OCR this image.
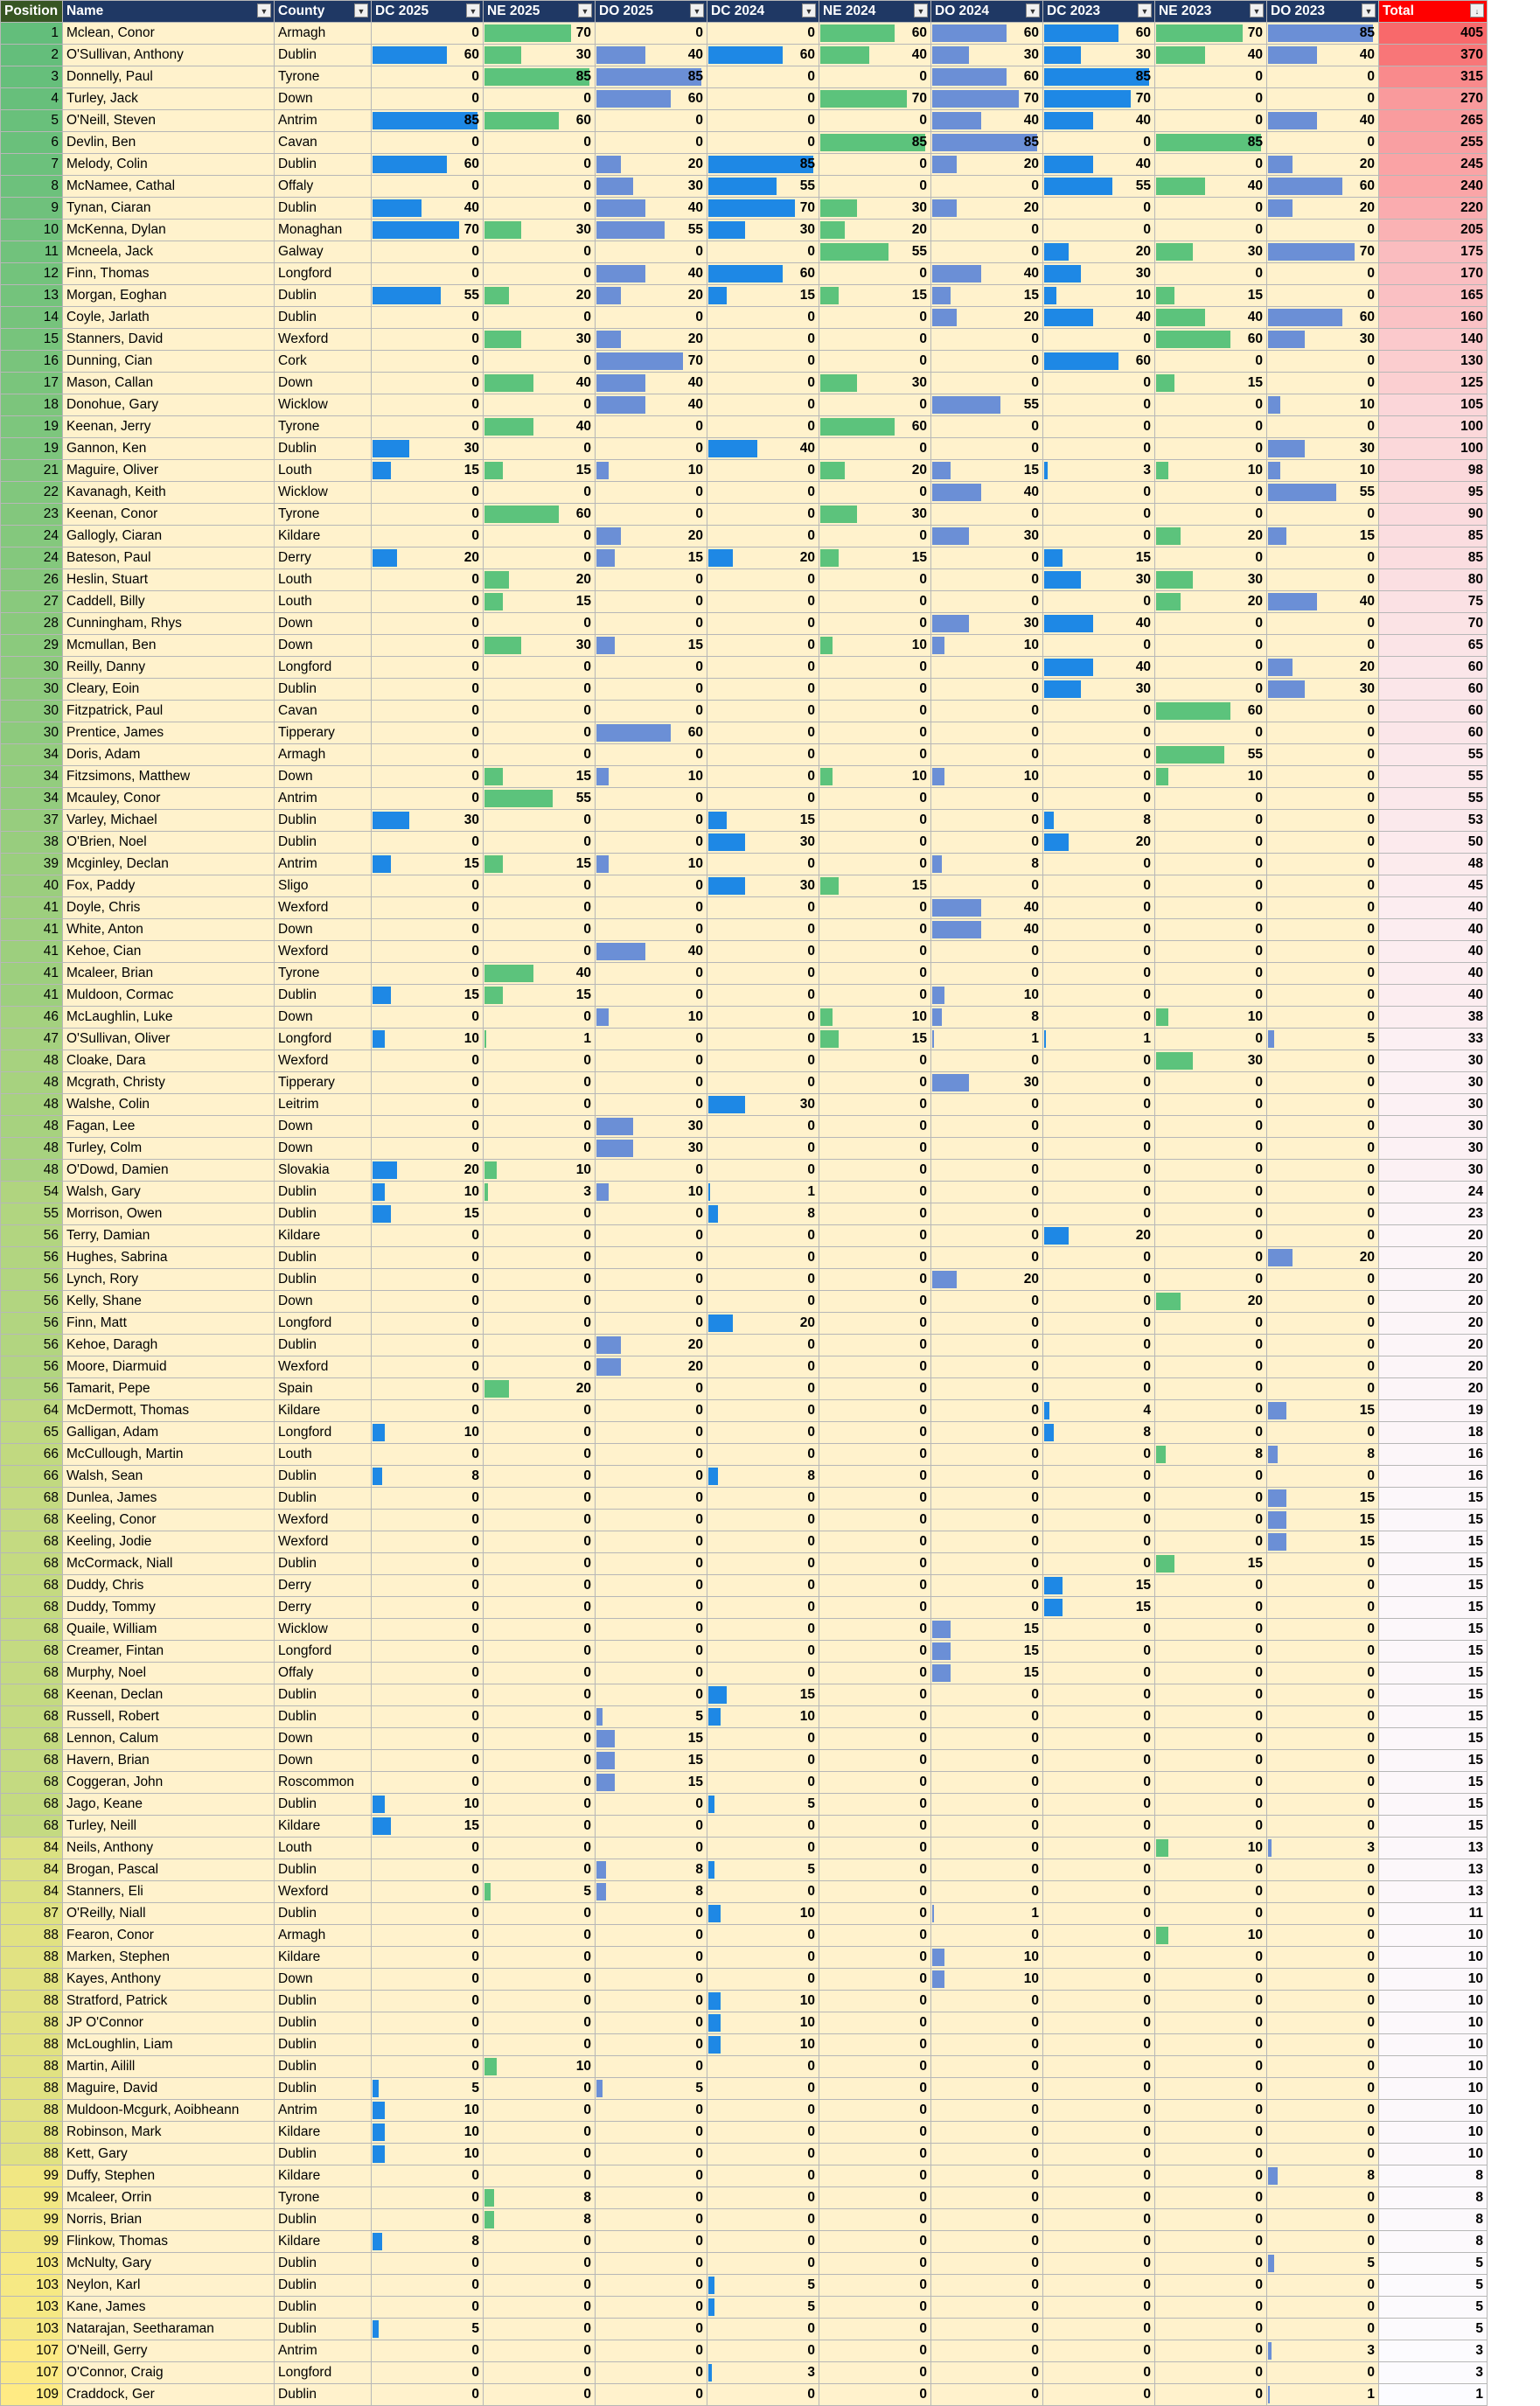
Position	Name ▼	County ▼	DC 2025 ▼	NE 2025 ▼	DO 2025 ▼	DC 2024 ▼	NE 2024 ▼	DO 2024 ▼	DC 2023 ▼	NE 2023 ▼	DO 2023 ▼	Total ↓

1	Mclean, Conor	Armagh	0	70	0	0	60	60	60	70	85	405
2	O'Sullivan, Anthony	Dublin	60	30	40	60	40	30	30	40	40	370
3	Donnelly, Paul	Tyrone	0	85	85	0	0	60	85	0	0	315
4	Turley, Jack	Down	0	0	60	0	70	70	70	0	0	270
5	O'Neill, Steven	Antrim	85	60	0	0	0	40	40	0	40	265
6	Devlin, Ben	Cavan	0	0	0	0	85	85	0	85	0	255
7	Melody, Colin	Dublin	60	0	20	85	0	20	40	0	20	245
8	McNamee, Cathal	Offaly	0	0	30	55	0	0	55	40	60	240
9	Tynan, Ciaran	Dublin	40	0	40	70	30	20	0	0	20	220
10	McKenna, Dylan	Monaghan	70	30	55	30	20	0	0	0	0	205
11	Mcneela, Jack	Galway	0	0	0	0	55	0	20	30	70	175
12	Finn, Thomas	Longford	0	0	40	60	0	40	30	0	0	170
13	Morgan, Eoghan	Dublin	55	20	20	15	15	15	10	15	0	165
14	Coyle, Jarlath	Dublin	0	0	0	0	0	20	40	40	60	160
15	Stanners, David	Wexford	0	30	20	0	0	0	0	60	30	140
16	Dunning, Cian	Cork	0	0	70	0	0	0	60	0	0	130
17	Mason, Callan	Down	0	40	40	0	30	0	0	15	0	125
18	Donohue, Gary	Wicklow	0	0	40	0	0	55	0	0	10	105
19	Keenan, Jerry	Tyrone	0	40	0	0	60	0	0	0	0	100
19	Gannon, Ken	Dublin	30	0	0	40	0	0	0	0	30	100
21	Maguire, Oliver	Louth	15	15	10	0	20	15	3	10	10	98
22	Kavanagh, Keith	Wicklow	0	0	0	0	0	40	0	0	55	95
23	Keenan, Conor	Tyrone	0	60	0	0	30	0	0	0	0	90
24	Gallogly, Ciaran	Kildare	0	0	20	0	0	30	0	20	15	85
24	Bateson, Paul	Derry	20	0	15	20	15	0	15	0	0	85
26	Heslin, Stuart	Louth	0	20	0	0	0	0	30	30	0	80
27	Caddell, Billy	Louth	0	15	0	0	0	0	0	20	40	75
28	Cunningham, Rhys	Down	0	0	0	0	0	30	40	0	0	70
29	Mcmullan, Ben	Down	0	30	15	0	10	10	0	0	0	65
30	Reilly, Danny	Longford	0	0	0	0	0	0	40	0	20	60
30	Cleary, Eoin	Dublin	0	0	0	0	0	0	30	0	30	60
30	Fitzpatrick, Paul	Cavan	0	0	0	0	0	0	0	60	0	60
30	Prentice, James	Tipperary	0	0	60	0	0	0	0	0	0	60
34	Doris, Adam	Armagh	0	0	0	0	0	0	0	55	0	55
34	Fitzsimons, Matthew	Down	0	15	10	0	10	10	0	10	0	55
34	Mcauley, Conor	Antrim	0	55	0	0	0	0	0	0	0	55
37	Varley, Michael	Dublin	30	0	0	15	0	0	8	0	0	53
38	O'Brien, Noel	Dublin	0	0	0	30	0	0	20	0	0	50
39	Mcginley, Declan	Antrim	15	15	10	0	0	8	0	0	0	48
40	Fox, Paddy	Sligo	0	0	0	30	15	0	0	0	0	45
41	Doyle, Chris	Wexford	0	0	0	0	0	40	0	0	0	40
41	White, Anton	Down	0	0	0	0	0	40	0	0	0	40
41	Kehoe, Cian	Wexford	0	0	40	0	0	0	0	0	0	40
41	Mcaleer, Brian	Tyrone	0	40	0	0	0	0	0	0	0	40
41	Muldoon, Cormac	Dublin	15	15	0	0	0	10	0	0	0	40
46	McLaughlin, Luke	Down	0	0	10	0	10	8	0	10	0	38
47	O'Sullivan, Oliver	Longford	10	1	0	0	15	1	1	0	5	33
48	Cloake, Dara	Wexford	0	0	0	0	0	0	0	30	0	30
48	Mcgrath, Christy	Tipperary	0	0	0	0	0	30	0	0	0	30
48	Walshe, Colin	Leitrim	0	0	0	30	0	0	0	0	0	30
48	Fagan, Lee	Down	0	0	30	0	0	0	0	0	0	30
48	Turley, Colm	Down	0	0	30	0	0	0	0	0	0	30
48	O'Dowd, Damien	Slovakia	20	10	0	0	0	0	0	0	0	30
54	Walsh, Gary	Dublin	10	3	10	1	0	0	0	0	0	24
55	Morrison, Owen	Dublin	15	0	0	8	0	0	0	0	0	23
56	Terry, Damian	Kildare	0	0	0	0	0	0	20	0	0	20
56	Hughes, Sabrina	Dublin	0	0	0	0	0	0	0	0	20	20
56	Lynch, Rory	Dublin	0	0	0	0	0	20	0	0	0	20
56	Kelly, Shane	Down	0	0	0	0	0	0	0	20	0	20
56	Finn, Matt	Longford	0	0	0	20	0	0	0	0	0	20
56	Kehoe, Daragh	Dublin	0	0	20	0	0	0	0	0	0	20
56	Moore, Diarmuid	Wexford	0	0	20	0	0	0	0	0	0	20
56	Tamarit, Pepe	Spain	0	20	0	0	0	0	0	0	0	20
64	McDermott, Thomas	Kildare	0	0	0	0	0	0	4	0	15	19
65	Galligan, Adam	Longford	10	0	0	0	0	0	8	0	0	18
66	McCullough, Martin	Louth	0	0	0	0	0	0	0	8	8	16
66	Walsh, Sean	Dublin	8	0	0	8	0	0	0	0	0	16
68	Dunlea, James	Dublin	0	0	0	0	0	0	0	0	15	15
68	Keeling, Conor	Wexford	0	0	0	0	0	0	0	0	15	15
68	Keeling, Jodie	Wexford	0	0	0	0	0	0	0	0	15	15
68	McCormack, Niall	Dublin	0	0	0	0	0	0	0	15	0	15
68	Duddy, Chris	Derry	0	0	0	0	0	0	15	0	0	15
68	Duddy, Tommy	Derry	0	0	0	0	0	0	15	0	0	15
68	Quaile, William	Wicklow	0	0	0	0	0	15	0	0	0	15
68	Creamer, Fintan	Longford	0	0	0	0	0	15	0	0	0	15
68	Murphy, Noel	Offaly	0	0	0	0	0	15	0	0	0	15
68	Keenan, Declan	Dublin	0	0	0	15	0	0	0	0	0	15
68	Russell, Robert	Dublin	0	0	5	10	0	0	0	0	0	15
68	Lennon, Calum	Down	0	0	15	0	0	0	0	0	0	15
68	Havern, Brian	Down	0	0	15	0	0	0	0	0	0	15
68	Coggeran, John	Roscommon	0	0	15	0	0	0	0	0	0	15
68	Jago, Keane	Dublin	10	0	0	5	0	0	0	0	0	15
68	Turley, Neill	Kildare	15	0	0	0	0	0	0	0	0	15
84	Neils, Anthony	Louth	0	0	0	0	0	0	0	10	3	13
84	Brogan, Pascal	Dublin	0	0	8	5	0	0	0	0	0	13
84	Stanners, Eli	Wexford	0	5	8	0	0	0	0	0	0	13
87	O'Reilly, Niall	Dublin	0	0	0	10	0	1	0	0	0	11
88	Fearon, Conor	Armagh	0	0	0	0	0	0	0	10	0	10
88	Marken, Stephen	Kildare	0	0	0	0	0	10	0	0	0	10
88	Kayes, Anthony	Down	0	0	0	0	0	10	0	0	0	10
88	Stratford, Patrick	Dublin	0	0	0	10	0	0	0	0	0	10
88	JP O'Connor	Dublin	0	0	0	10	0	0	0	0	0	10
88	McLoughlin, Liam	Dublin	0	0	0	10	0	0	0	0	0	10
88	Martin, Ailill	Dublin	0	10	0	0	0	0	0	0	0	10
88	Maguire, David	Dublin	5	0	5	0	0	0	0	0	0	10
88	Muldoon-Mcgurk, Aoibheann	Antrim	10	0	0	0	0	0	0	0	0	10
88	Robinson, Mark	Kildare	10	0	0	0	0	0	0	0	0	10
88	Kett, Gary	Dublin	10	0	0	0	0	0	0	0	0	10
99	Duffy, Stephen	Kildare	0	0	0	0	0	0	0	0	8	8
99	Mcaleer, Orrin	Tyrone	0	8	0	0	0	0	0	0	0	8
99	Norris, Brian	Dublin	0	8	0	0	0	0	0	0	0	8
99	Flinkow, Thomas	Kildare	8	0	0	0	0	0	0	0	0	8
103	McNulty, Gary	Dublin	0	0	0	0	0	0	0	0	5	5
103	Neylon, Karl	Dublin	0	0	0	5	0	0	0	0	0	5
103	Kane, James	Dublin	0	0	0	5	0	0	0	0	0	5
103	Natarajan, Seetharaman	Dublin	5	0	0	0	0	0	0	0	0	5
107	O'Neill, Gerry	Antrim	0	0	0	0	0	0	0	0	3	3
107	O'Connor, Craig	Longford	0	0	0	3	0	0	0	0	0	3
109	Craddock, Ger	Dublin	0	0	0	0	0	0	0	0	1	1
